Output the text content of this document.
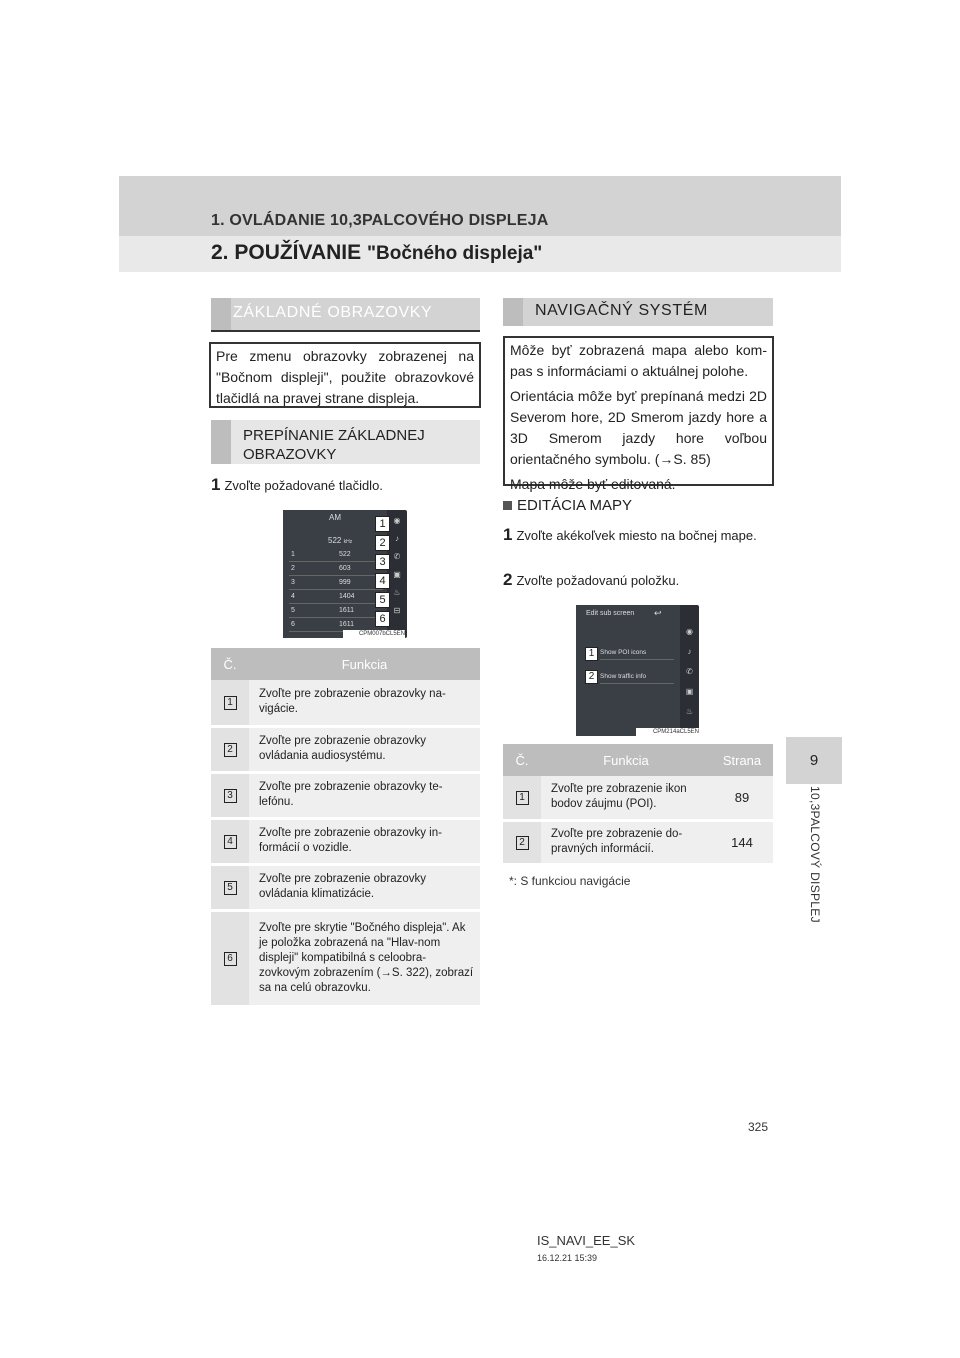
1. OVLÁDANIE 10,3PALCOVÉHO DISPLEJA
2. POUŽÍVANIE "Bočného displeja"
9
10,3PALCOVÝ DISPLEJ
ZÁKLADNÉ OBRAZOVKY

Pre zmenu obrazovky zobrazenej na "Bočnom displeji", použite obrazovkové tlačidlá na pravej strane displeja.

PREPÍNANIE ZÁKLADNEJ
OBRAZOVKY
1 Zvoľte požadované tlačidlo.
AM
522 kHz
1	522
2	603
3	999
4	1404
5	1611
6	1611
◉
♪
✆
▣
♨
⊟
1
2
3
4
5
6
CPM007bCL5EN
Č.	Funkcia
1	Zvoľte pre zobrazenie obrazovky na-vigácie.
2	Zvoľte pre zobrazenie obrazovky ovládania audiosystému.
3	Zvoľte pre zobrazenie obrazovky te-lefónu.
4	Zvoľte pre zobrazenie obrazovky in-formácií o vozidle.
5	Zvoľte pre zobrazenie obrazovky ovládania klimatizácie.
6	Zvoľte pre skrytie "Bočného displeja". Ak je položka zobrazená na "Hlav-nom displeji" kompatibilná s celoobra-zovkovým zobrazením (→S. 322), zobrazí sa na celú obrazovku.
NAVIGAČNÝ SYSTÉM

Môže byť zobrazená mapa alebo kom-pas s informáciami o aktuálnej polohe.

Orientácia môže byť prepínaná medzi 2D Severom hore, 2D Smerom jazdy hore a 3D Smerom jazdy hore voľbou orientačného symbolu. (→S. 85)

Mapa môže byť editovaná.

EDITÁCIA MAPY
1 Zvoľte akékoľvek miesto na bočnej mape.
2 Zvoľte požadovanú položku.
Edit sub screen ↩
Show POI icons
Show traffic info
1
2
◉
♪
✆
▣
♨
CPM214aCL5EN
Č.	Funkcia	Strana
1	Zvoľte pre zobrazenie ikon bodov záujmu (POI).	89
2	Zvoľte pre zobrazenie do-pravných informácií.	144
*: S funkciou navigácie
325
IS_NAVI_EE_SK
16.12.21 15:39
